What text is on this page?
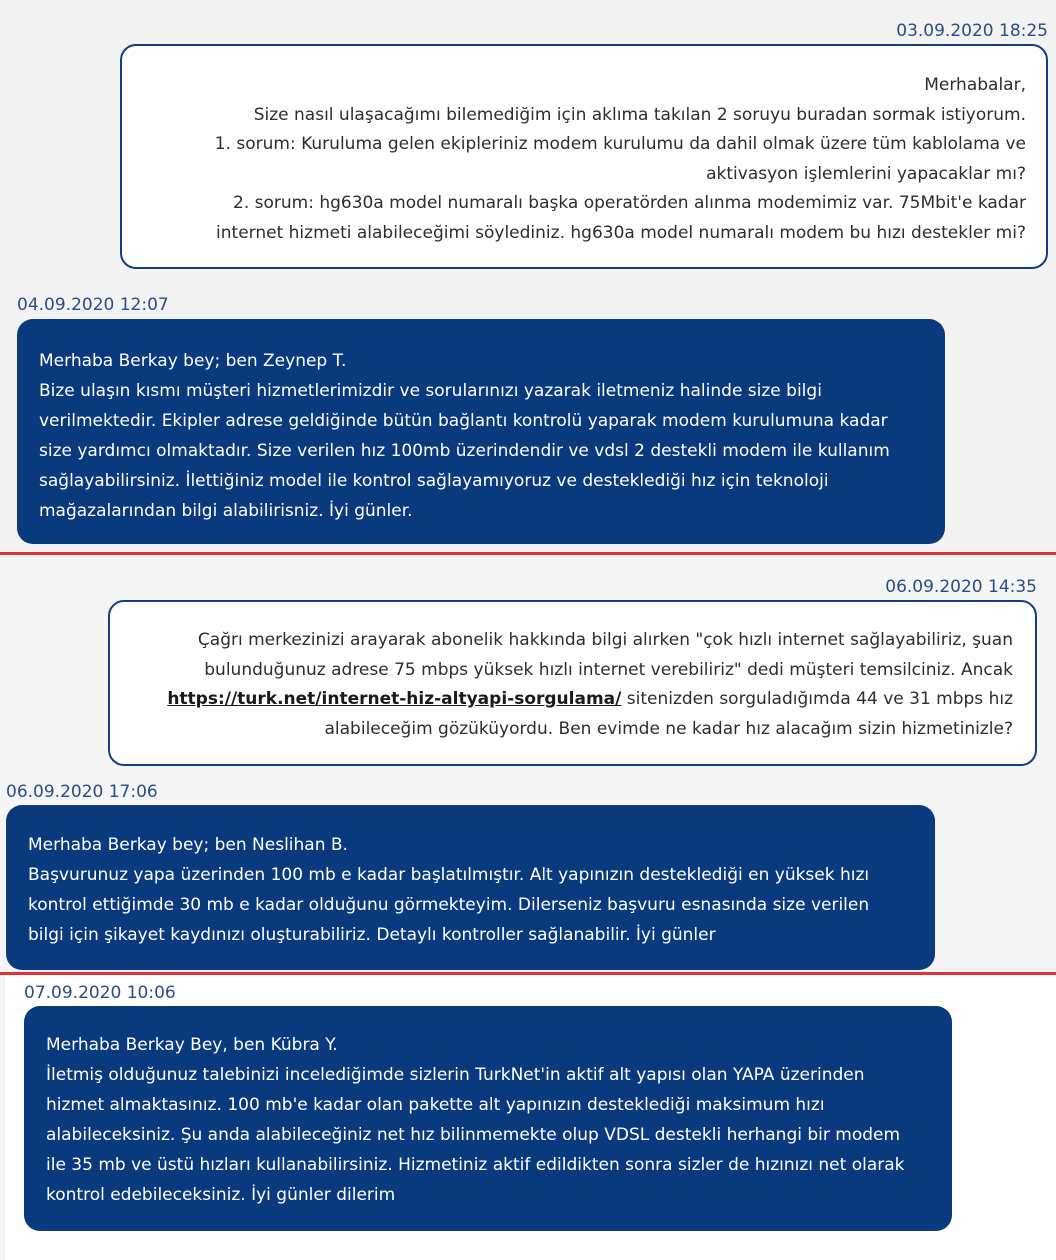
03.09.2020 18:25
Merhabalar,
Size nasıl ulaşacağımı bilemediğim için aklıma takılan 2 soruyu buradan sormak istiyorum.
1. sorum: Kuruluma gelen ekipleriniz modem kurulumu da dahil olmak üzere tüm kablolama ve
aktivasyon işlemlerini yapacaklar mı?
2. sorum: hg630a model numaralı başka operatörden alınma modemimiz var. 75Mbit'e kadar
internet hizmeti alabileceğimi söylediniz. hg630a model numaralı modem bu hızı destekler mi?
04.09.2020 12:07
Merhaba Berkay bey; ben Zeynep T.
Bize ulaşın kısmı müşteri hizmetlerimizdir ve sorularınızı yazarak iletmeniz halinde size bilgi
verilmektedir. Ekipler adrese geldiğinde bütün bağlantı kontrolü yaparak modem kurulumuna kadar
size yardımcı olmaktadır. Size verilen hız 100mb üzerindendir ve vdsl 2 destekli modem ile kullanım
sağlayabilirsiniz. İlettiğiniz model ile kontrol sağlayamıyoruz ve desteklediği hız için teknoloji
mağazalarından bilgi alabilirisniz. İyi günler.
06.09.2020 14:35
Çağrı merkezinizi arayarak abonelik hakkında bilgi alırken "çok hızlı internet sağlayabiliriz, şuan
bulunduğunuz adrese 75 mbps yüksek hızlı internet verebiliriz" dedi müşteri temsilciniz. Ancak
https://turk.net/internet-hiz-altyapi-sorgulama/ sitenizden sorguladığımda 44 ve 31 mbps hız
alabileceğim gözüküyordu. Ben evimde ne kadar hız alacağım sizin hizmetinizle?
06.09.2020 17:06
Merhaba Berkay bey; ben Neslihan B.
Başvurunuz yapa üzerinden 100 mb e kadar başlatılmıştır. Alt yapınızın desteklediği en yüksek hızı
kontrol ettiğimde 30 mb e kadar olduğunu görmekteyim. Dilerseniz başvuru esnasında size verilen
bilgi için şikayet kaydınızı oluşturabiliriz. Detaylı kontroller sağlanabilir. İyi günler
07.09.2020 10:06
Merhaba Berkay Bey, ben Kübra Y.
İletmiş olduğunuz talebinizi incelediğimde sizlerin TurkNet'in aktif alt yapısı olan YAPA üzerinden
hizmet almaktasınız. 100 mb'e kadar olan pakette alt yapınızın desteklediği maksimum hızı
alabileceksiniz. Şu anda alabileceğiniz net hız bilinmemekte olup VDSL destekli herhangi bir modem
ile 35 mb ve üstü hızları kullanabilirsiniz. Hizmetiniz aktif edildikten sonra sizler de hızınızı net olarak
kontrol edebileceksiniz. İyi günler dilerim
